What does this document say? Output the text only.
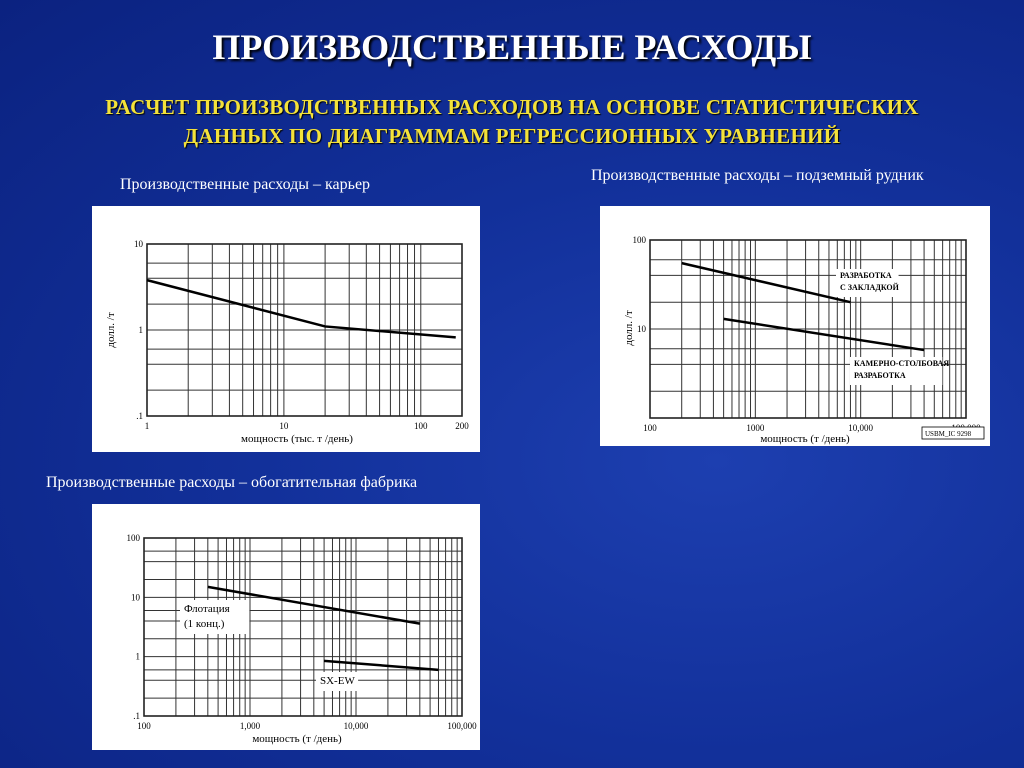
ПРОИЗВОДСТВЕННЫЕ РАСХОДЫ
РАСЧЕТ ПРОИЗВОДСТВЕННЫХ РАСХОДОВ НА ОСНОВЕ СТАТИСТИЧЕСКИХ
ДАННЫХ ПО ДИАГРАММАМ РЕГРЕССИОННЫХ УРАВНЕНИЙ
Производственные расходы – карьер
1	10	100	200
10
1
.1
мощность (тыс. т /день)
долл. /т
Производственные расходы – подземный рудник
100	1000	10,000
100
10
мощность (т /день)
долл. /т
РАЗРАБОТКА
С ЗАКЛАДКОЙ
КАМЕРНО-СТОЛБОВАЯ
РАЗРАБОТКА
USBM_IC 9298
Производственные расходы – обогатительная фабрика
100	1,000	10,000	100,000
100
10
1
.1
мощность (т /день)
Флотация
(1 конц.)
SX-EW
